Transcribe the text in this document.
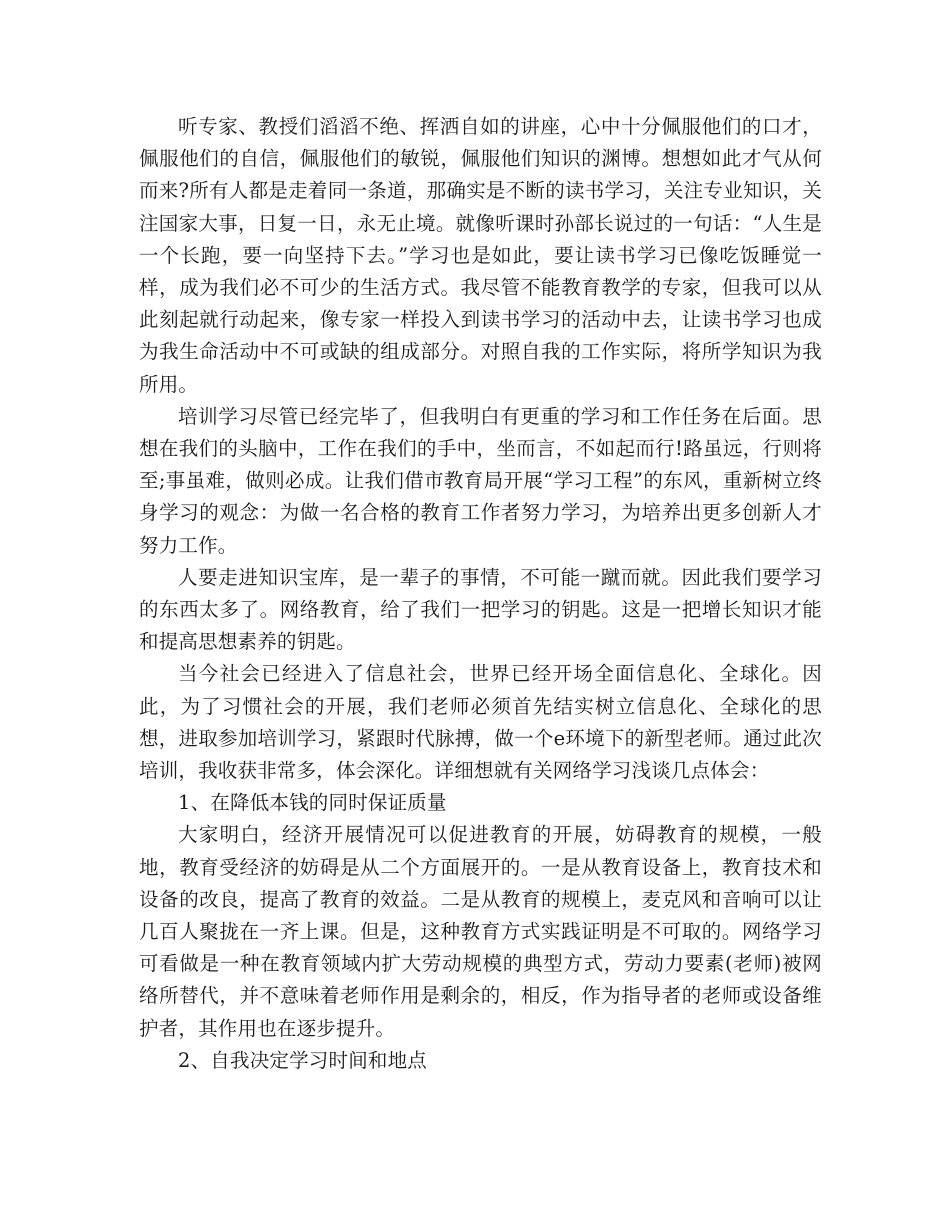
听专家、教授们滔滔不绝、挥洒自如的讲座，心中十分佩服他们的口才，佩服他们的自信，佩服他们的敏锐，佩服他们知识的渊博。想想如此才气从何而来?所有人都是走着同一条道，那确实是不断的读书学习，关注专业知识，关注国家大事，日复一日，永无止境。就像听课时孙部长说过的一句话：“人生是一个长跑，要一向坚持下去。”学习也是如此，要让读书学习已像吃饭睡觉一样，成为我们必不可少的生活方式。我尽管不能教育教学的专家，但我可以从此刻起就行动起来，像专家一样投入到读书学习的活动中去，让读书学习也成为我生命活动中不可或缺的组成部分。对照自我的工作实际，将所学知识为我所用。

培训学习尽管已经完毕了，但我明白有更重的学习和工作任务在后面。思想在我们的头脑中，工作在我们的手中，坐而言，不如起而行!路虽远，行则将至;事虽难，做则必成。让我们借市教育局开展“学习工程”的东风，重新树立终身学习的观念：为做一名合格的教育工作者努力学习，为培养出更多创新人才努力工作。

人要走进知识宝库，是一辈子的事情，不可能一蹴而就。因此我们要学习的东西太多了。网络教育，给了我们一把学习的钥匙。这是一把增长知识才能和提高思想素养的钥匙。

当今社会已经进入了信息社会，世界已经开场全面信息化、全球化。因此，为了习惯社会的开展，我们老师必须首先结实树立信息化、全球化的思想，进取参加培训学习，紧跟时代脉搏，做一个e环境下的新型老师。通过此次培训，我收获非常多，体会深化。详细想就有关网络学习浅谈几点体会：

1、在降低本钱的同时保证质量

大家明白，经济开展情况可以促进教育的开展，妨碍教育的规模，一般地，教育受经济的妨碍是从二个方面展开的。一是从教育设备上，教育技术和设备的改良，提高了教育的效益。二是从教育的规模上，麦克风和音响可以让几百人聚拢在一齐上课。但是，这种教育方式实践证明是不可取的。网络学习可看做是一种在教育领域内扩大劳动规模的典型方式，劳动力要素(老师)被网络所替代，并不意味着老师作用是剩余的，相反，作为指导者的老师或设备维护者，其作用也在逐步提升。

2、自我决定学习时间和地点
